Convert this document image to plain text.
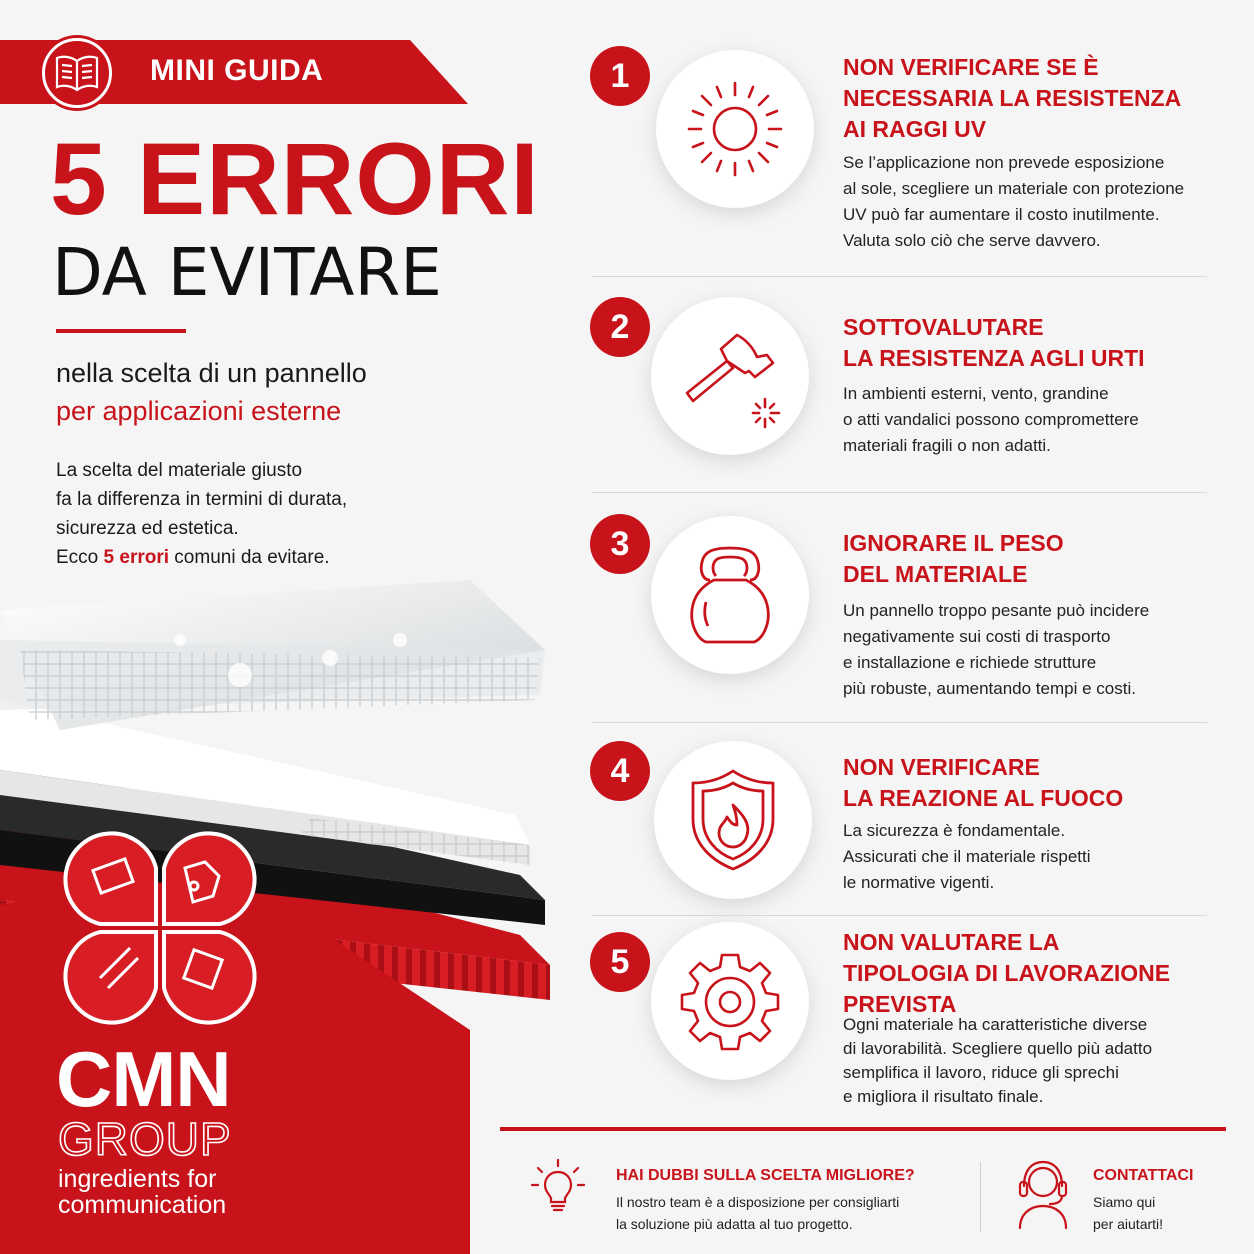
MINI GUIDA
5 ERRORI
DA EVITARE
nella scelta di un pannello
per applicazioni esterne
La scelta del materiale giusto
fa la differenza in termini di durata,
sicurezza ed estetica.
Ecco 5 errori comuni da evitare.
CMN
GROUP
ingredients for
communication
1	NON VERIFICARE SE È
NECESSARIA LA RESISTENZA
AI RAGGI UV
Se l’applicazione non prevede esposizione
al sole, scegliere un materiale con protezione
UV può far aumentare il costo inutilmente.
Valuta solo ciò che serve davvero.
2	SOTTOVALUTARE
LA RESISTENZA AGLI URTI
In ambienti esterni, vento, grandine
o atti vandalici possono compromettere
materiali fragili o non adatti.
3	IGNORARE IL PESO
DEL MATERIALE
Un pannello troppo pesante può incidere
negativamente sui costi di trasporto
e installazione e richiede strutture
più robuste, aumentando tempi e costi.
4	NON VERIFICARE
LA REAZIONE AL FUOCO
La sicurezza è fondamentale.
Assicurati che il materiale rispetti
le normative vigenti.
5
NON VALUTARE LA
TIPOLOGIA DI LAVORAZIONE
PREVISTA
Ogni materiale ha caratteristiche diverse
di lavorabilità. Scegliere quello più adatto
semplifica il lavoro, riduce gli sprechi
e migliora il risultato finale.
HAI DUBBI SULLA SCELTA MIGLIORE?
Il nostro team è a disposizione per consigliarti
la soluzione più adatta al tuo progetto.
CONTATTACI
Siamo qui
per aiutarti!
